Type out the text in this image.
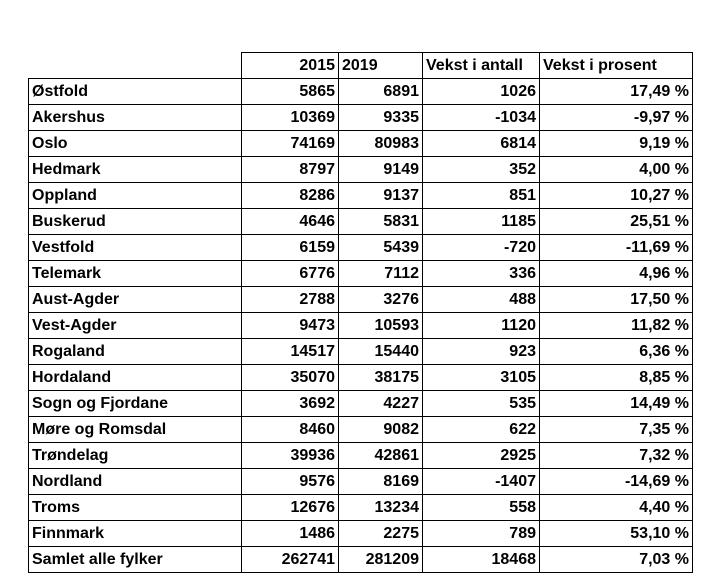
	2015	2019	Vekst i antall	Vekst i prosent
Østfold	5865	6891	1026	17,49 %
Akershus	10369	9335	-1034	-9,97 %
Oslo	74169	80983	6814	9,19 %
Hedmark	8797	9149	352	4,00 %
Oppland	8286	9137	851	10,27 %
Buskerud	4646	5831	1185	25,51 %
Vestfold	6159	5439	-720	-11,69 %
Telemark	6776	7112	336	4,96 %
Aust-Agder	2788	3276	488	17,50 %
Vest-Agder	9473	10593	1120	11,82 %
Rogaland	14517	15440	923	6,36 %
Hordaland	35070	38175	3105	8,85 %
Sogn og Fjordane	3692	4227	535	14,49 %
Møre og Romsdal	8460	9082	622	7,35 %
Trøndelag	39936	42861	2925	7,32 %
Nordland	9576	8169	-1407	-14,69 %
Troms	12676	13234	558	4,40 %
Finnmark	1486	2275	789	53,10 %
Samlet alle fylker	262741	281209	18468	7,03 %
